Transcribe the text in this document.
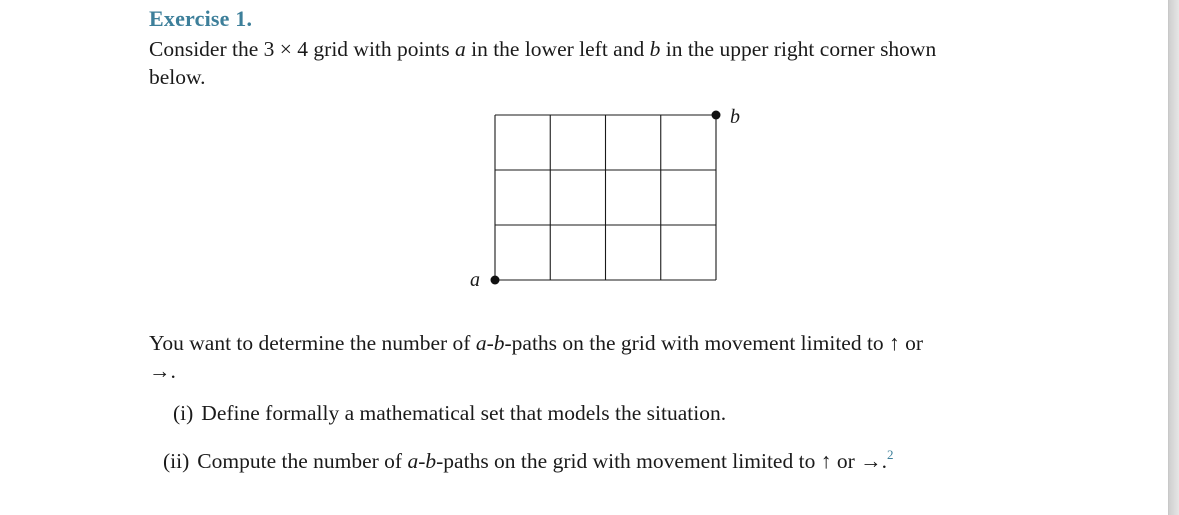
Exercise 1.
Consider the 3 × 4 grid with points a in the lower left and b in the upper right corner shown
below.
a
b
You want to determine the number of a-b-paths on the grid with movement limited to ↑ or
→.
(i) Define formally a mathematical set that models the situation.
(ii) Compute the number of a-b-paths on the grid with movement limited to ↑ or →.$^2$
